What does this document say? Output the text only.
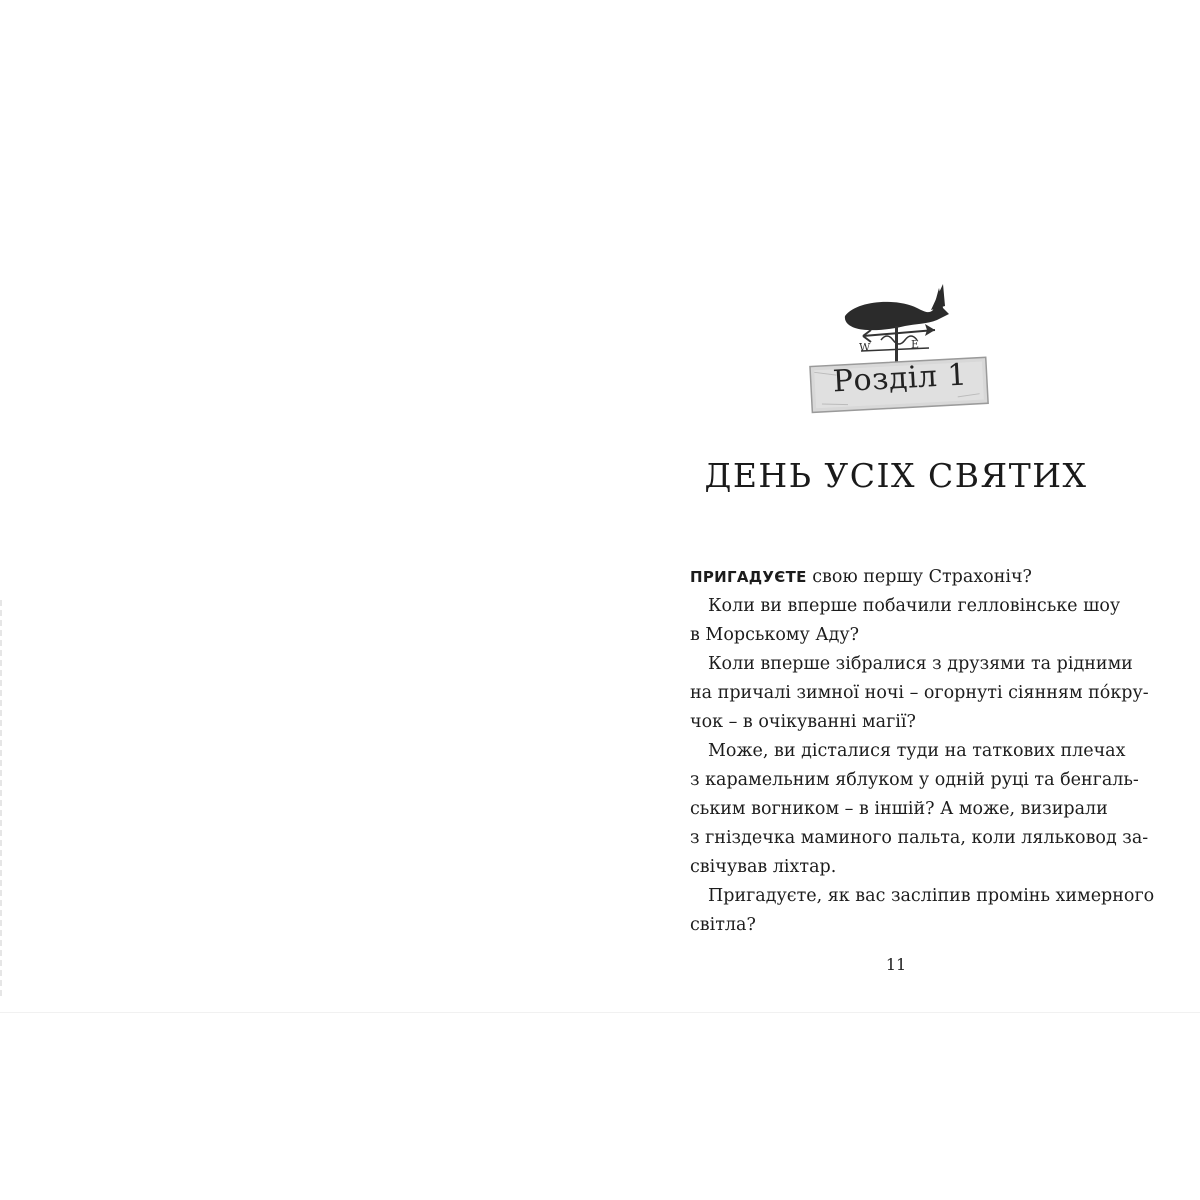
W	E
Розділ 1
ДЕНЬ УСІХ СВЯТИХ
ПРИГАДУЄТЕ свою першу Страхоніч?
Коли ви вперше побачили гелловінське шоу
в Морському Аду?
Коли вперше зібралися з друзями та рідними
на причалі зимної ночі – огорнуті сіянням пóкру-
чок – в очікуванні магії?
Може, ви дісталися туди на таткових плечах
з карамельним яблуком у одній руці та бенгаль-
ським вогником – в іншій? А може, визирали
з гніздечка маминого пальта, коли ляльковод за-
свічував ліхтар.
Пригадуєте, як вас засліпив промінь химерного
світла?
11
